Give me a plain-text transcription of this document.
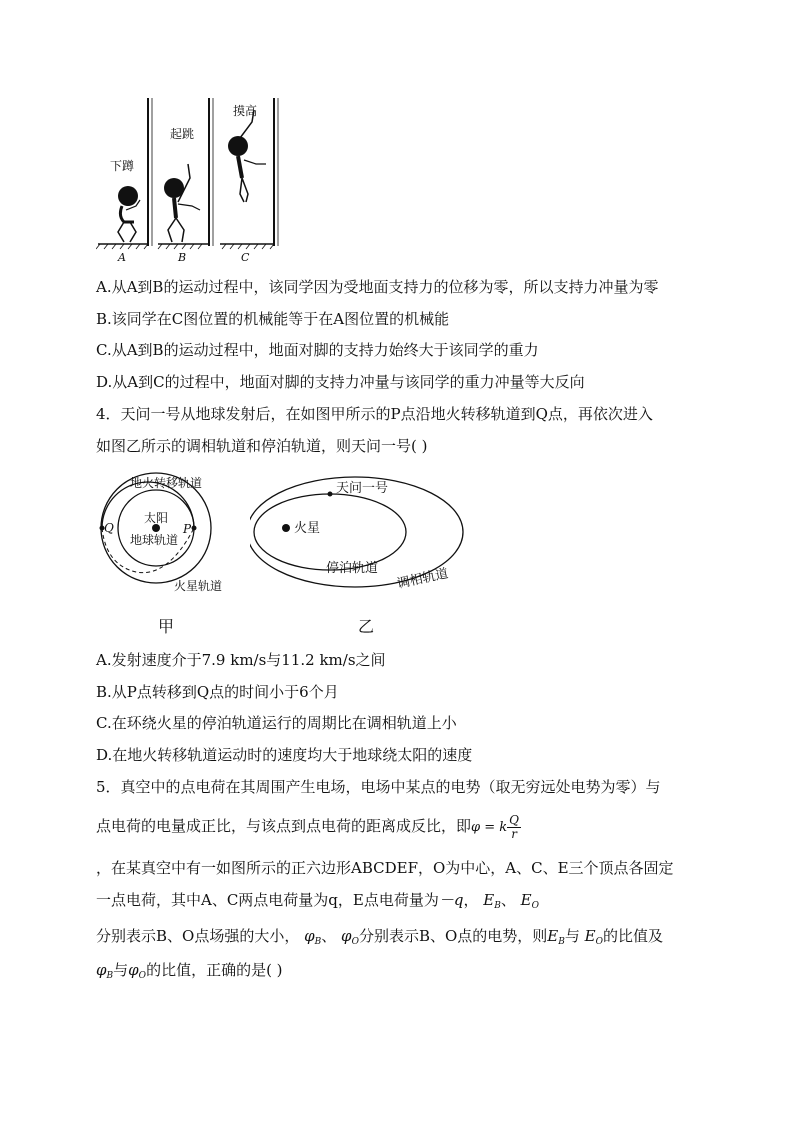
下蹲
起跳
摸高
A	B	C
A.从A到B的运动过程中，该同学因为受地面支持力的位移为零，所以支持力冲量为零
B.该同学在C图位置的机械能等于在A图位置的机械能
C.从A到B的运动过程中，地面对脚的支持力始终大于该同学的重力
D.从A到C的过程中，地面对脚的支持力冲量与该同学的重力冲量等大反向
4．天问一号从地球发射后，在如图甲所示的P点沿地火转移轨道到Q点，再依次进入
如图乙所示的调相轨道和停泊轨道，则天问一号( )
地火转移轨道
太阳
地球轨道
火星轨道
P
Q
甲
天问一号
火星
停泊轨道 调相轨道
乙
A.发射速度介于7.9 km/s与11.2 km/s之间
B.从P点转移到Q点的时间小于6个月
C.在环绕火星的停泊轨道运行的周期比在调相轨道上小
D.在地火转移轨道运动时的速度均大于地球绕太阳的速度
5．真空中的点电荷在其周围产生电场，电场中某点的电势（取无穷远处电势为零）与
点电荷的电量成正比，与该点到点电荷的距离成反比，即φ = k $\frac{Q}{r}$
，在某真空中有一如图所示的正六边形ABCDEF，O为中心，A、C、E三个顶点各固定
一点电荷，其中A、C两点电荷量为q，E点电荷量为－q， $E_B$、 $E_O$
分别表示B、O点场强的大小， $\varphi_B$、 $\varphi_O$分别表示B、O点的电势，则$E_B$与 $E_O$的比值及
$\varphi_B$与$\varphi_O$的比值，正确的是( )
